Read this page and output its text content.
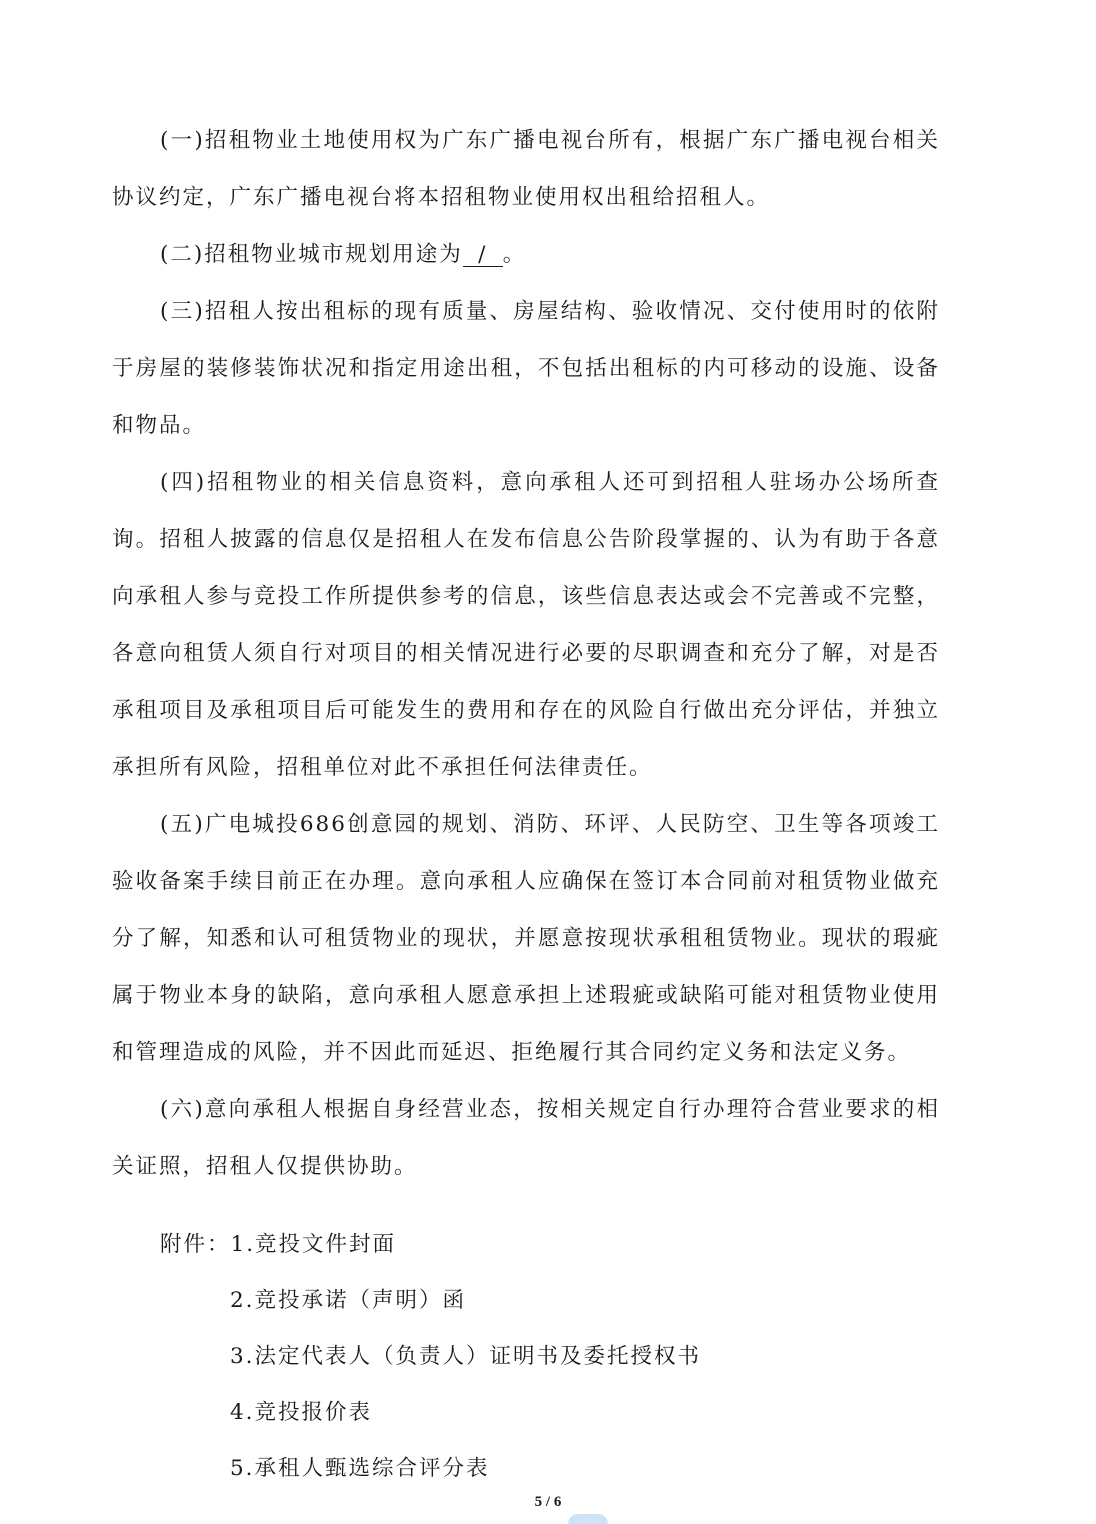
(一)招租物业土地使用权为广东广播电视台所有，根据广东广播电视台相关协议约定，广东广播电视台将本招租物业使用权出租给招租人。

(二)招租物业城市规划用途为 / 。

(三)招租人按出租标的现有质量、房屋结构、验收情况、交付使用时的依附于房屋的装修装饰状况和指定用途出租，不包括出租标的内可移动的设施、设备和物品。

(四)招租物业的相关信息资料，意向承租人还可到招租人驻场办公场所查询。招租人披露的信息仅是招租人在发布信息公告阶段掌握的、认为有助于各意向承租人参与竞投工作所提供参考的信息，该些信息表达或会不完善或不完整，各意向租赁人须自行对项目的相关情况进行必要的尽职调查和充分了解，对是否承租项目及承租项目后可能发生的费用和存在的风险自行做出充分评估，并独立承担所有风险，招租单位对此不承担任何法律责任。

(五)广电城投686创意园的规划、消防、环评、人民防空、卫生等各项竣工验收备案手续目前正在办理。意向承租人应确保在签订本合同前对租赁物业做充分了解，知悉和认可租赁物业的现状，并愿意按现状承租租赁物业。现状的瑕疵属于物业本身的缺陷，意向承租人愿意承担上述瑕疵或缺陷可能对租赁物业使用和管理造成的风险，并不因此而延迟、拒绝履行其合同约定义务和法定义务。

(六)意向承租人根据自身经营业态，按相关规定自行办理符合营业要求的相关证照，招租人仅提供协助。

附件：1.竞投文件封面
2.竞投承诺（声明）函
3.法定代表人（负责人）证明书及委托授权书
4.竞投报价表
5.承租人甄选综合评分表
5 / 6
